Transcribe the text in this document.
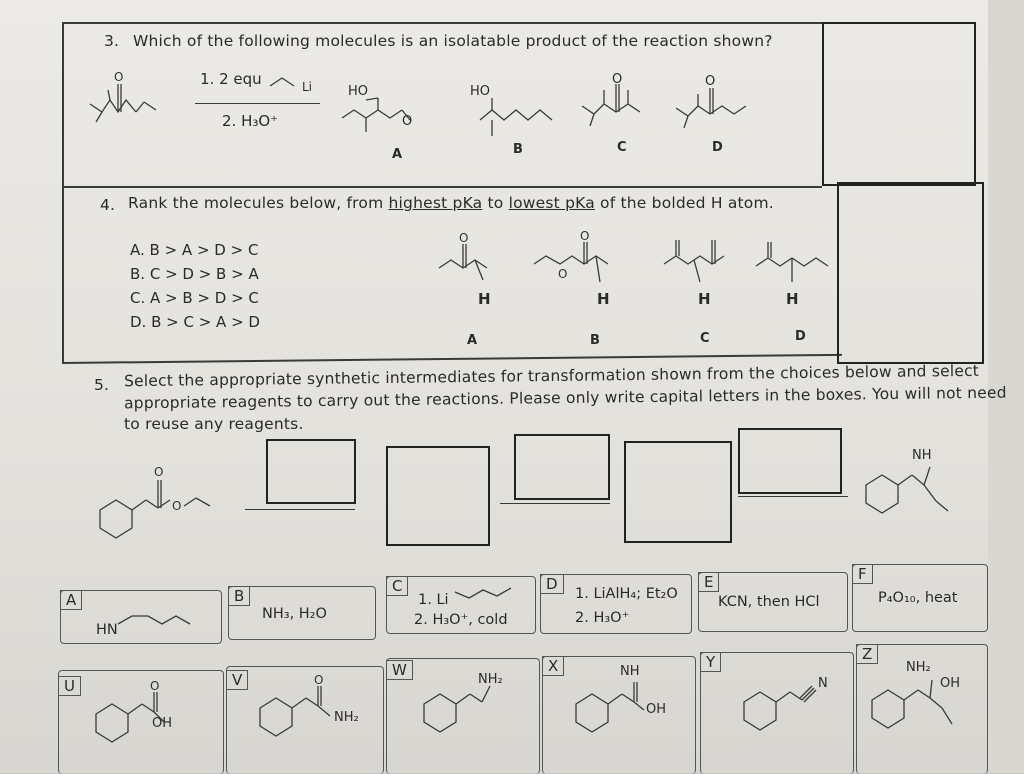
3. Which of the following molecules is an isolatable product of the reaction shown?
O	1. 2 equ	Li
2. H₃O⁺
HO
O
HO
O	O
A	B	C	D
4. Rank the molecules below, from highest pKa to lowest pKa of the bolded H atom.
A. B > A > D > C
B. C > D > B > A
C. A > B > D > C
D. B > C > A > D
O
H
O
O
H	H	H
A	B	C	D
5. Select the appropriate synthetic intermediates for transformation shown from the choices below and select
appropriate reagents to carry out the reactions. Please only write capital letters in the boxes. You will not need
to reuse any reagents.
O
O
NH
A
HN
B
NH₃, H₂O
C
1. Li
2. H₃O⁺, cold
D
1. LiAlH₄; Et₂O
2. H₃O⁺
E
KCN, then HCl
F
P₄O₁₀, heat
U	O
OH
V	O
NH₂
W
NH₂
X	NH
OH
Y
N
Z
NH₂
OH
